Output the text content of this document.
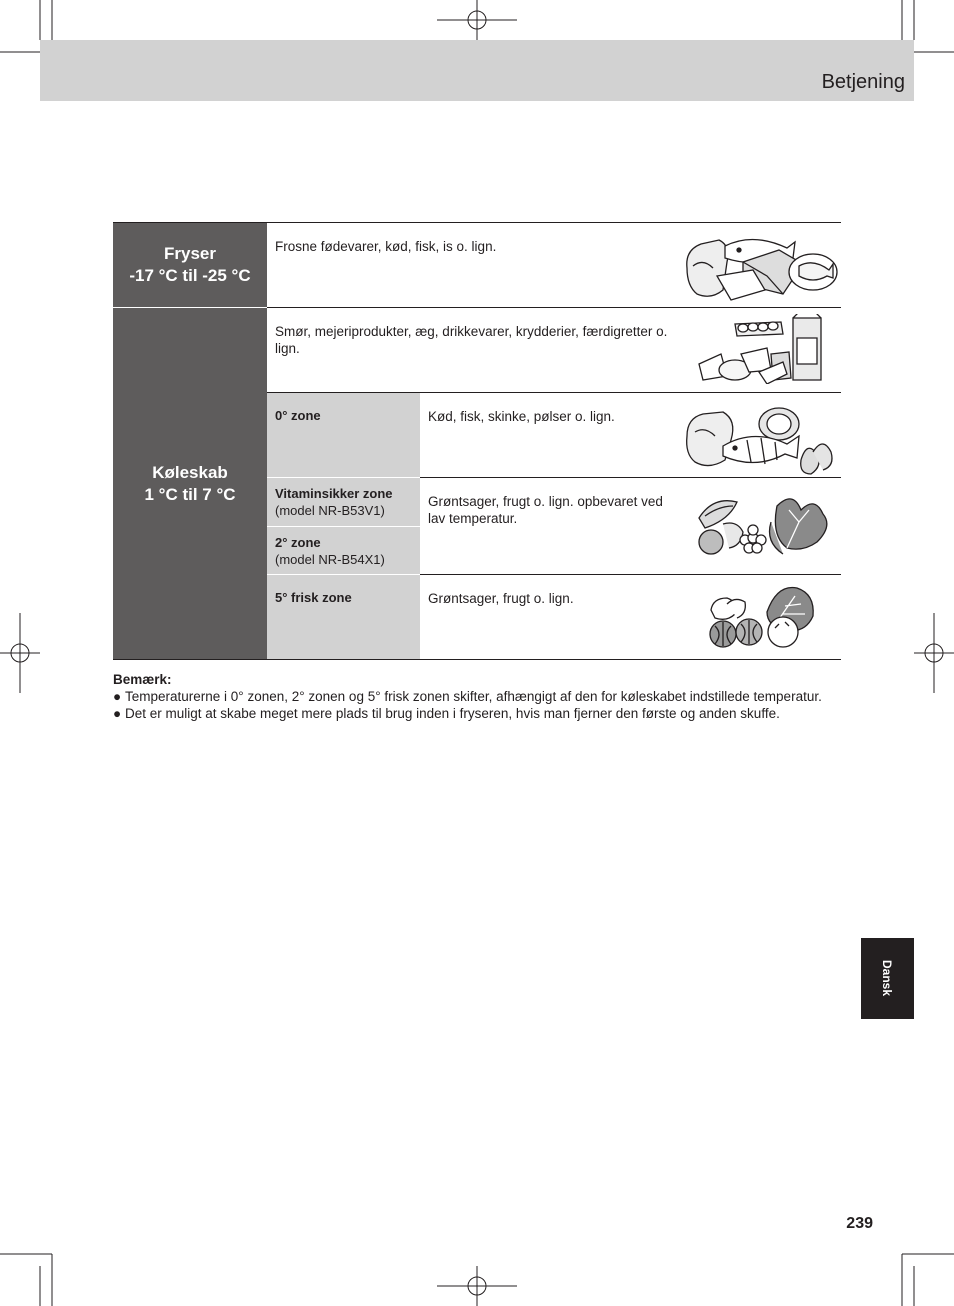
Betjening
Fryser
-17 °C til -25 °C
Køleskab
1 °C til 7 °C
Frosne fødevarer, kød, fisk, is o. lign.
Smør, mejeriprodukter, æg, drikkevarer, krydderier, færdigretter o. lign.
0° zone	Kød, fisk, skinke, pølser o. lign.
Vitaminsikker zone
(model NR-B53V1)
2° zone
(model NR-B54X1)
Grøntsager, frugt o. lign. opbevaret ved lav temperatur.
5° frisk zone	Grøntsager, frugt o. lign.
Bemærk:
● Temperaturerne i 0° zonen, 2° zonen og 5° frisk zonen skifter, afhængigt af den for køleskabet indstillede temperatur.
● Det er muligt at skabe meget mere plads til brug inden i fryseren, hvis man fjerner den første og anden skuffe.
Dansk
239
